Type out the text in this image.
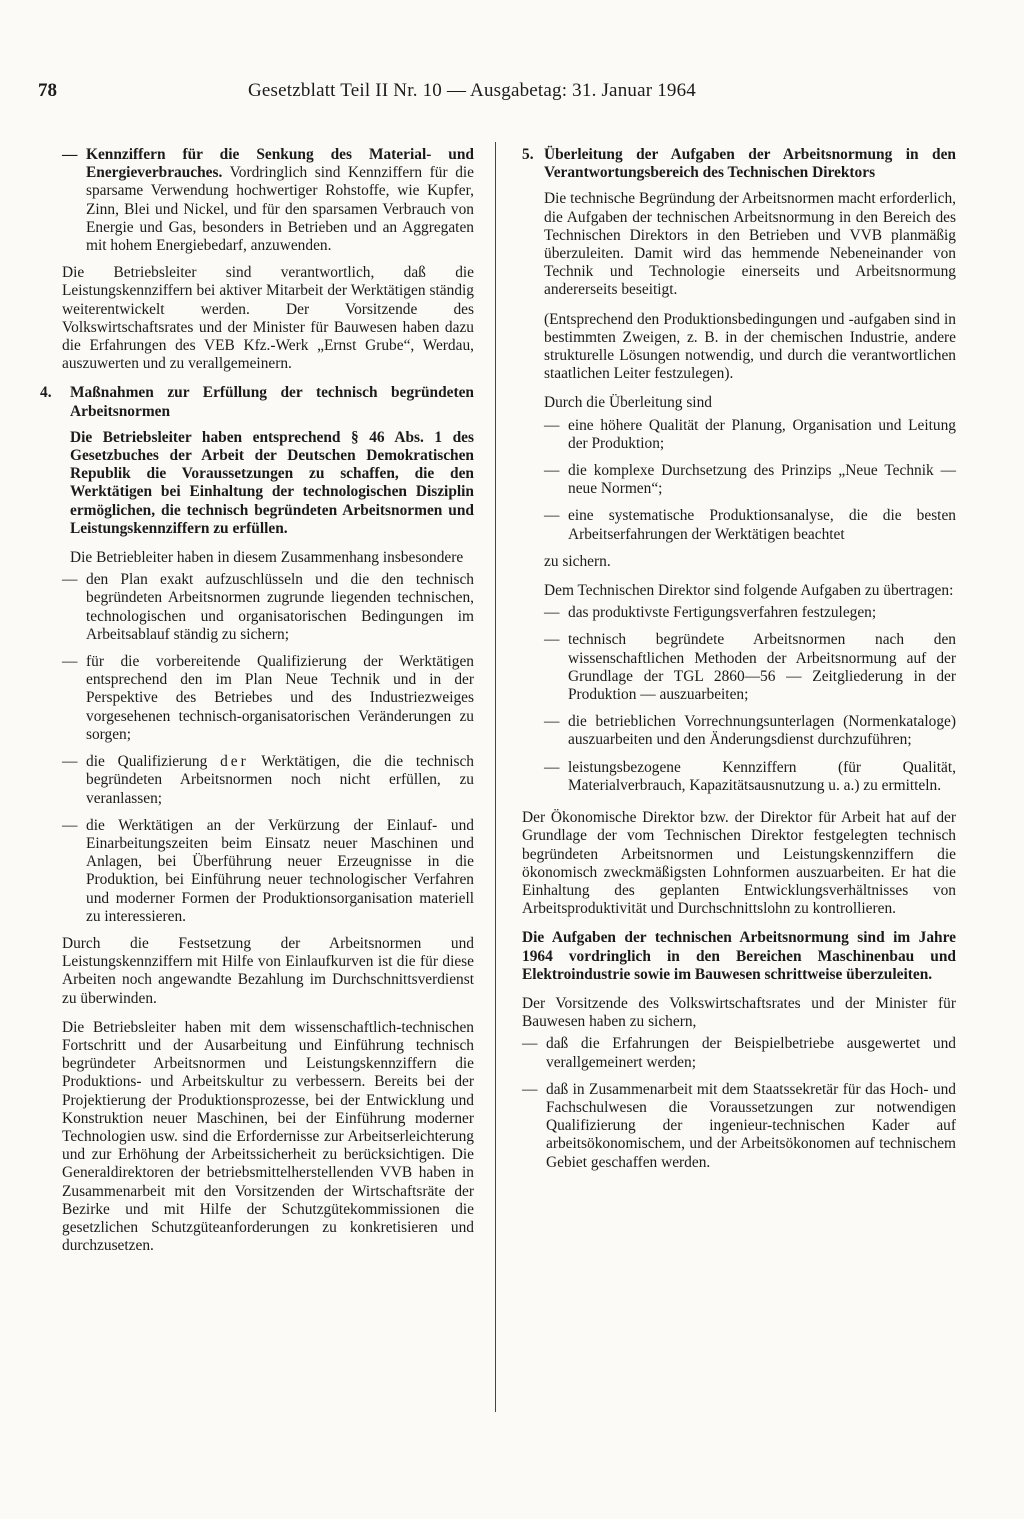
78	Gesetzblatt Teil II Nr. 10 — Ausgabetag: 31. Januar 1964
— Kennziffern für die Senkung des Material- und Energieverbrauches. Vordringlich sind Kennziffern für die sparsame Verwendung hochwertiger Rohstoffe, wie Kupfer, Zinn, Blei und Nickel, und für den sparsamen Verbrauch von Energie und Gas, besonders in Betrieben und an Aggregaten mit hohem Energiebedarf, anzuwenden.

Die Betriebsleiter sind verantwortlich, daß die Leistungskennziffern bei aktiver Mitarbeit der Werktätigen ständig weiterentwickelt werden. Der Vorsitzende des Volkswirtschaftsrates und der Minister für Bauwesen haben dazu die Erfahrungen des VEB Kfz.-Werk „Ernst Grube“, Werdau, auszuwerten und zu verallgemeinern.

4. Maßnahmen zur Erfüllung der technisch begründeten Arbeitsnormen

Die Betriebsleiter haben entsprechend § 46 Abs. 1 des Gesetzbuches der Arbeit der Deutschen Demokratischen Republik die Voraussetzungen zu schaffen, die den Werktätigen bei Einhaltung der technologischen Disziplin ermöglichen, die technisch begründeten Arbeitsnormen und Leistungskennziffern zu erfüllen.

Die Betriebleiter haben in diesem Zusammenhang insbesondere

— den Plan exakt aufzuschlüsseln und die den technisch begründeten Arbeitsnormen zugrunde liegenden technischen, technologischen und organisatorischen Bedingungen im Arbeitsablauf ständig zu sichern;
— für die vorbereitende Qualifizierung der Werktätigen entsprechend den im Plan Neue Technik und in der Perspektive des Betriebes und des Industriezweiges vorgesehenen technisch-organisatorischen Veränderungen zu sorgen;
— die Qualifizierung der Werktätigen, die die technisch begründeten Arbeitsnormen noch nicht erfüllen, zu veranlassen;
— die Werktätigen an der Verkürzung der Einlauf- und Einarbeitungszeiten beim Einsatz neuer Maschinen und Anlagen, bei Überführung neuer Erzeugnisse in die Produktion, bei Einführung neuer technologischer Verfahren und moderner Formen der Produktionsorganisation materiell zu interessieren.

Durch die Festsetzung der Arbeitsnormen und Leistungskennziffern mit Hilfe von Einlaufkurven ist die für diese Arbeiten noch angewandte Bezahlung im Durchschnittsverdienst zu überwinden.

Die Betriebsleiter haben mit dem wissenschaftlich-technischen Fortschritt und der Ausarbeitung und Einführung technisch begründeter Arbeitsnormen und Leistungskennziffern die Produktions- und Arbeitskultur zu verbessern. Bereits bei der Projektierung der Produktionsprozesse, bei der Entwicklung und Konstruktion neuer Maschinen, bei der Einführung moderner Technologien usw. sind die Erfordernisse zur Arbeitserleichterung und zur Erhöhung der Arbeitssicherheit zu berücksichtigen. Die Generaldirektoren der betriebsmittelherstellenden VVB haben in Zusammenarbeit mit den Vorsitzenden der Wirtschaftsräte der Bezirke und mit Hilfe der Schutzgütekommissionen die gesetzlichen Schutzgüteanforderungen zu konkretisieren und durchzusetzen.

5. Überleitung der Aufgaben der Arbeitsnormung in den Verantwortungsbereich des Technischen Direktors

Die technische Begründung der Arbeitsnormen macht erforderlich, die Aufgaben der technischen Arbeitsnormung in den Bereich des Technischen Direktors in den Betrieben und VVB planmäßig überzuleiten. Damit wird das hemmende Nebeneinander von Technik und Technologie einerseits und Arbeitsnormung andererseits beseitigt.

(Entsprechend den Produktionsbedingungen und -aufgaben sind in bestimmten Zweigen, z. B. in der chemischen Industrie, andere strukturelle Lösungen notwendig, und durch die verantwortlichen staatlichen Leiter festzulegen).

Durch die Überleitung sind

— eine höhere Qualität der Planung, Organisation und Leitung der Produktion;
— die komplexe Durchsetzung des Prinzips „Neue Technik — neue Normen“;
— eine systematische Produktionsanalyse, die die besten Arbeitserfahrungen der Werktätigen beachtet

zu sichern.

Dem Technischen Direktor sind folgende Aufgaben zu übertragen:

— das produktivste Fertigungsverfahren festzulegen;
— technisch begründete Arbeitsnormen nach den wissenschaftlichen Methoden der Arbeitsnormung auf der Grundlage der TGL 2860—56 — Zeitgliederung in der Produktion — auszuarbeiten;
— die betrieblichen Vorrechnungsunterlagen (Normenkataloge) auszuarbeiten und den Änderungsdienst durchzuführen;
— leistungsbezogene Kennziffern (für Qualität, Materialverbrauch, Kapazitätsausnutzung u. a.) zu ermitteln.

Der Ökonomische Direktor bzw. der Direktor für Arbeit hat auf der Grundlage der vom Technischen Direktor festgelegten technisch begründeten Arbeitsnormen und Leistungskennziffern die ökonomisch zweckmäßigsten Lohnformen auszuarbeiten. Er hat die Einhaltung des geplanten Entwicklungsverhältnisses von Arbeitsproduktivität und Durchschnittslohn zu kontrollieren.

Die Aufgaben der technischen Arbeitsnormung sind im Jahre 1964 vordringlich in den Bereichen Maschinenbau und Elektroindustrie sowie im Bauwesen schrittweise überzuleiten.

Der Vorsitzende des Volkswirtschaftsrates und der Minister für Bauwesen haben zu sichern,

— daß die Erfahrungen der Beispielbetriebe ausgewertet und verallgemeinert werden;
— daß in Zusammenarbeit mit dem Staatssekretär für das Hoch- und Fachschulwesen die Voraussetzungen zur notwendigen Qualifizierung der ingenieur-technischen Kader auf arbeitsökonomischem, und der Arbeitsökonomen auf technischem Gebiet geschaffen werden.
